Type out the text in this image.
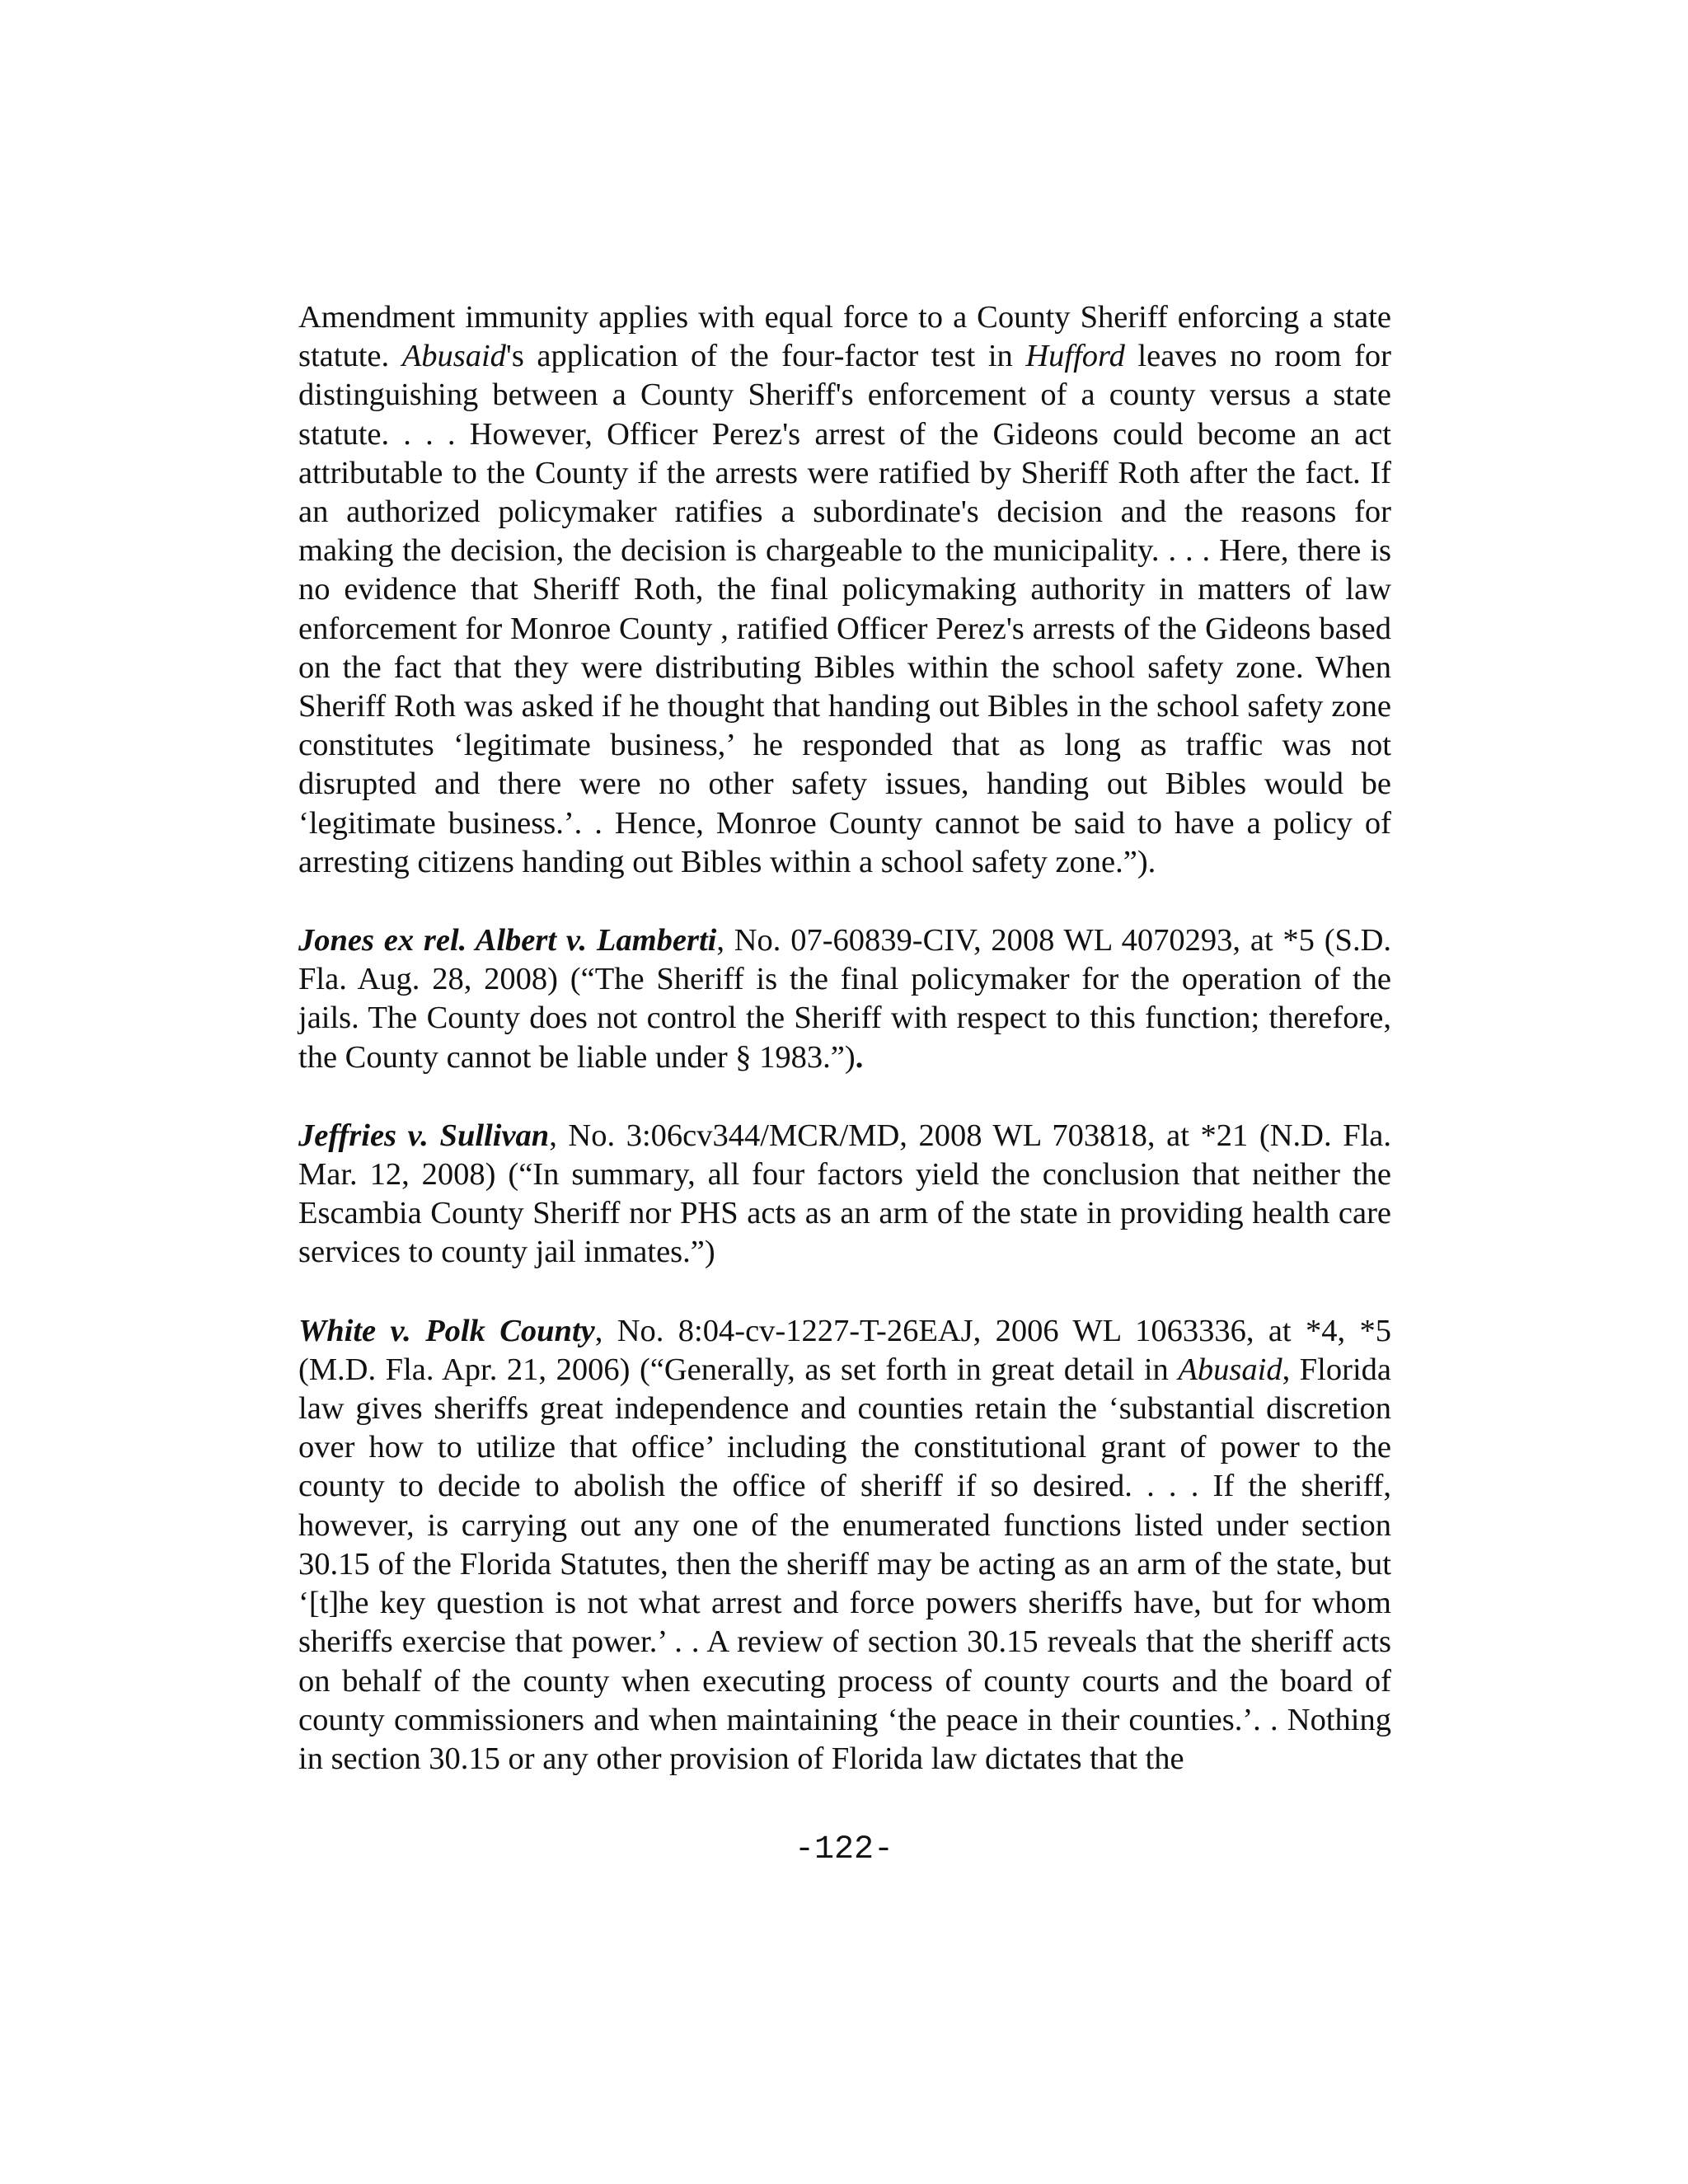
Amendment immunity applies with equal force to a County Sheriff enforcing a state statute. Abusaid's application of the four-factor test in Hufford leaves no room for distinguishing between a County Sheriff's enforcement of a county versus a state statute. . . . However, Officer Perez's arrest of the Gideons could become an act attributable to the County if the arrests were ratified by Sheriff Roth after the fact. If an authorized policymaker ratifies a subordinate's decision and the reasons for making the decision, the decision is chargeable to the municipality. . . . Here, there is no evidence that Sheriff Roth, the final policymaking authority in matters of law enforcement for Monroe County , ratified Officer Perez's arrests of the Gideons based on the fact that they were distributing Bibles within the school safety zone. When Sheriff Roth was asked if he thought that handing out Bibles in the school safety zone constitutes ‘legitimate business,’ he responded that as long as traffic was not disrupted and there were no other safety issues, handing out Bibles would be ‘legitimate business.’. . Hence, Monroe County cannot be said to have a policy of arresting citizens handing out Bibles within a school safety zone.”).

Jones ex rel. Albert v. Lamberti, No. 07-60839-CIV, 2008 WL 4070293, at *5 (S.D. Fla. Aug. 28, 2008) (“The Sheriff is the final policymaker for the operation of the jails. The County does not control the Sheriff with respect to this function; therefore, the County cannot be liable under § 1983.”).

Jeffries v. Sullivan, No. 3:06cv344/MCR/MD, 2008 WL 703818, at *21 (N.D. Fla. Mar. 12, 2008) (“In summary, all four factors yield the conclusion that neither the Escambia County Sheriff nor PHS acts as an arm of the state in providing health care services to county jail inmates.”)

White v. Polk County, No. 8:04-cv-1227-T-26EAJ, 2006 WL 1063336, at *4, *5 (M.D. Fla. Apr. 21, 2006) (“Generally, as set forth in great detail in Abusaid, Florida law gives sheriffs great independence and counties retain the ‘substantial discretion over how to utilize that office’ including the constitutional grant of power to the county to decide to abolish the office of sheriff if so desired. . . . If the sheriff, however, is carrying out any one of the enumerated functions listed under section 30.15 of the Florida Statutes, then the sheriff may be acting as an arm of the state, but ‘[t]he key question is not what arrest and force powers sheriffs have, but for whom sheriffs exercise that power.’ . . A review of section 30.15 reveals that the sheriff acts on behalf of the county when executing process of county courts and the board of county commissioners and when maintaining ‘the peace in their counties.’. . Nothing in section 30.15 or any other provision of Florida law dictates that the

-122-
